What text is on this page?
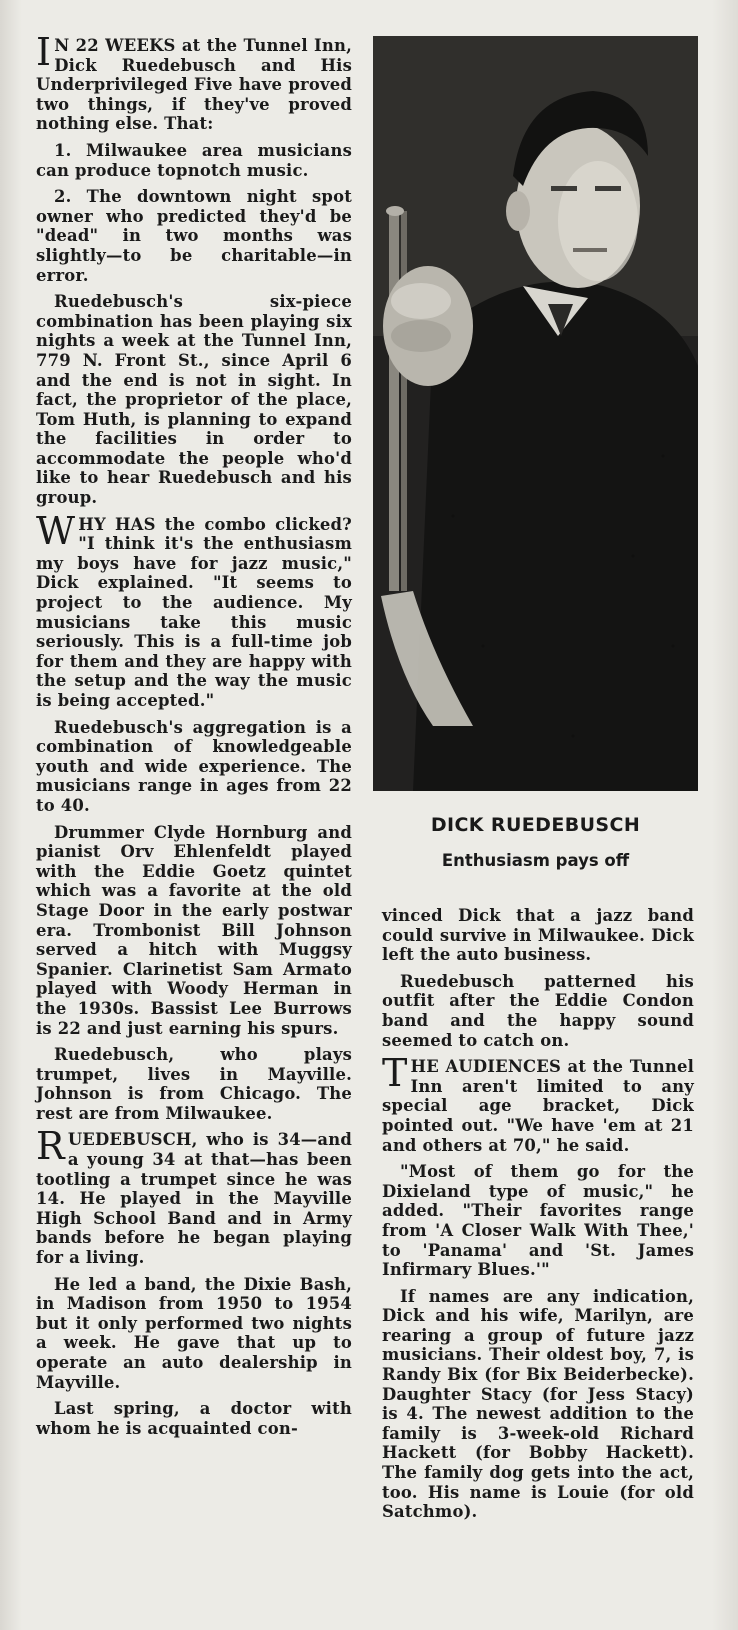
I N 22 WEEKS at the Tunnel Inn, Dick Ruedebusch and His Underprivileged Five have proved two things, if they've proved nothing else. That:

1. Milwaukee area musicians can produce topnotch music.

2. The downtown night spot owner who predicted they'd be "dead" in two months was slightly—to be charitable—in error.

Ruedebusch's six-piece combination has been playing six nights a week at the Tunnel Inn, 779 N. Front St., since April 6 and the end is not in sight. In fact, the proprietor of the place, Tom Huth, is planning to expand the facilities in order to accommodate the people who'd like to hear Ruedebusch and his group.

WHY HAS the combo clicked? "I think it's the enthusiasm my boys have for jazz music," Dick explained. "It seems to project to the audience. My musicians take this music seriously. This is a full-time job for them and they are happy with the setup and the way the music is being accepted."

Ruedebusch's aggregation is a combination of knowledgeable youth and wide experience. The musicians range in ages from 22 to 40.

Drummer Clyde Hornburg and pianist Orv Ehlenfeldt played with the Eddie Goetz quintet which was a favorite at the old Stage Door in the early postwar era. Trombonist Bill Johnson served a hitch with Muggsy Spanier. Clarinetist Sam Armato played with Woody Herman in the 1930s. Bassist Lee Burrows is 22 and just earning his spurs.

Ruedebusch, who plays trumpet, lives in Mayville. Johnson is from Chicago. The rest are from Milwaukee.

RUEDEBUSCH, who is 34—and a young 34 at that—has been tootling a trumpet since he was 14. He played in the Mayville High School Band and in Army bands before he began playing for a living.

He led a band, the Dixie Bash, in Madison from 1950 to 1954 but it only performed two nights a week. He gave that up to operate an auto dealership in Mayville.

Last spring, a doctor with whom he is acquainted con-

DICK RUEDEBUSCH
Enthusiasm pays off

vinced Dick that a jazz band could survive in Milwaukee. Dick left the auto business.

Ruedebusch patterned his outfit after the Eddie Condon band and the happy sound seemed to catch on.

THE AUDIENCES at the Tunnel Inn aren't limited to any special age bracket, Dick pointed out. "We have 'em at 21 and others at 70," he said.

"Most of them go for the Dixieland type of music," he added. "Their favorites range from 'A Closer Walk With Thee,' to 'Panama' and 'St. James Infirmary Blues.'"

If names are any indication, Dick and his wife, Marilyn, are rearing a group of future jazz musicians. Their oldest boy, 7, is Randy Bix (for Bix Beiderbecke). Daughter Stacy (for Jess Stacy) is 4. The newest addition to the family is 3-week-old Richard Hackett (for Bobby Hackett). The family dog gets into the act, too. His name is Louie (for old Satchmo).
